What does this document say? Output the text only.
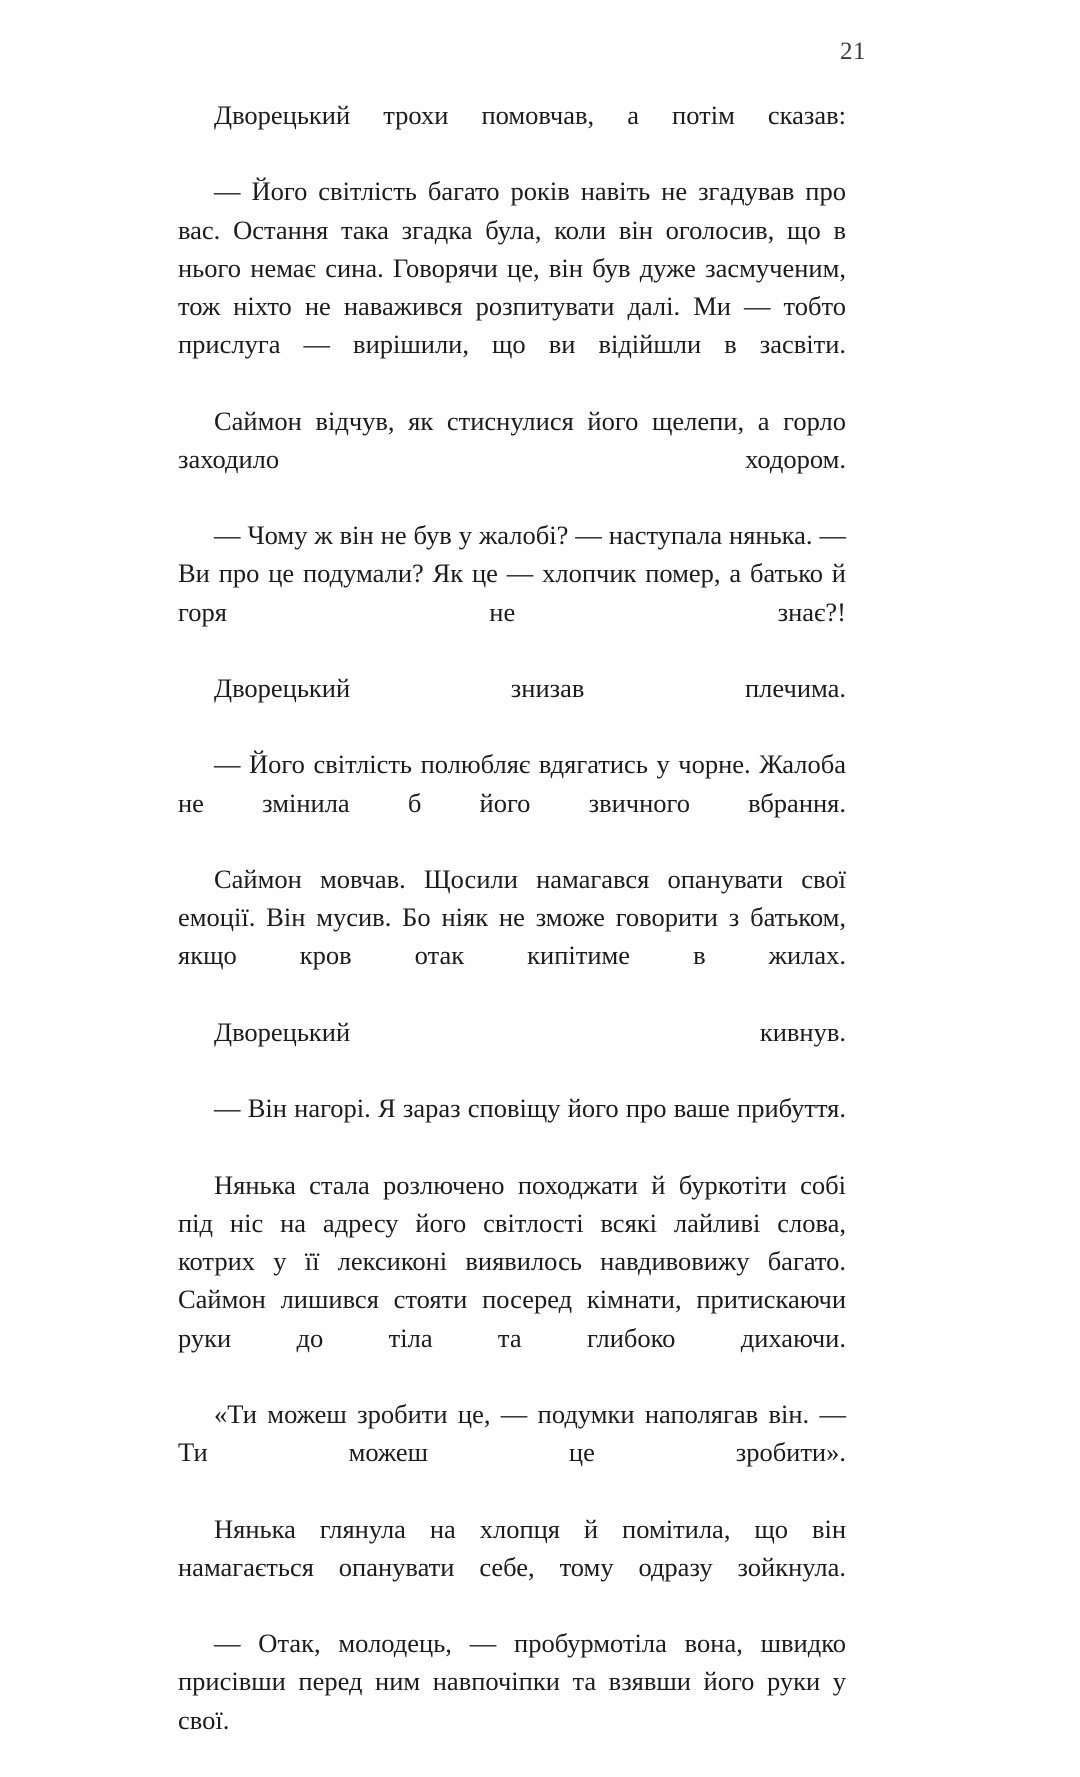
21

Дворецький трохи помовчав, а потім сказав:

— Його світлість багато років навіть не згадував про вас. Остання така згадка була, коли він оголосив, що в нього немає сина. Говорячи це, він був дуже засмученим, тож ніхто не наважився розпитувати далі. Ми — тобто прислуга — вирішили, що ви відійшли в засвіти.

Саймон відчув, як стиснулися його щелепи, а горло заходило ходором.

— Чому ж він не був у жалобі? — наступала нянька. — Ви про це подумали? Як це — хлопчик помер, а батько й горя не знає?!

Дворецький знизав плечима.

— Його світлість полюбляє вдягатись у чорне. Жалоба не змінила б його звичного вбрання.

Саймон мовчав. Щосили намагався опанувати свої емоції. Він мусив. Бо ніяк не зможе говорити з батьком, якщо кров отак кипітиме в жилах.

Дворецький кивнув.

— Він нагорі. Я зараз сповіщу його про ваше прибуття.

Нянька стала розлючено походжати й буркотіти собі під ніс на адресу його світлості всякі лайливі слова, котрих у її лексиконі виявилось навдивовижу багато. Саймон лишився стояти посеред кімнати, притискаючи руки до тіла та глибоко дихаючи.

«Ти можеш зробити це, — подумки наполягав він. — Ти можеш це зробити».

Нянька глянула на хлопця й помітила, що він намагається опанувати себе, тому одразу зойкнула.

— Отак, молодець, — пробурмотіла вона, швидко присівши перед ним навпочіпки та взявши його руки у свої.
